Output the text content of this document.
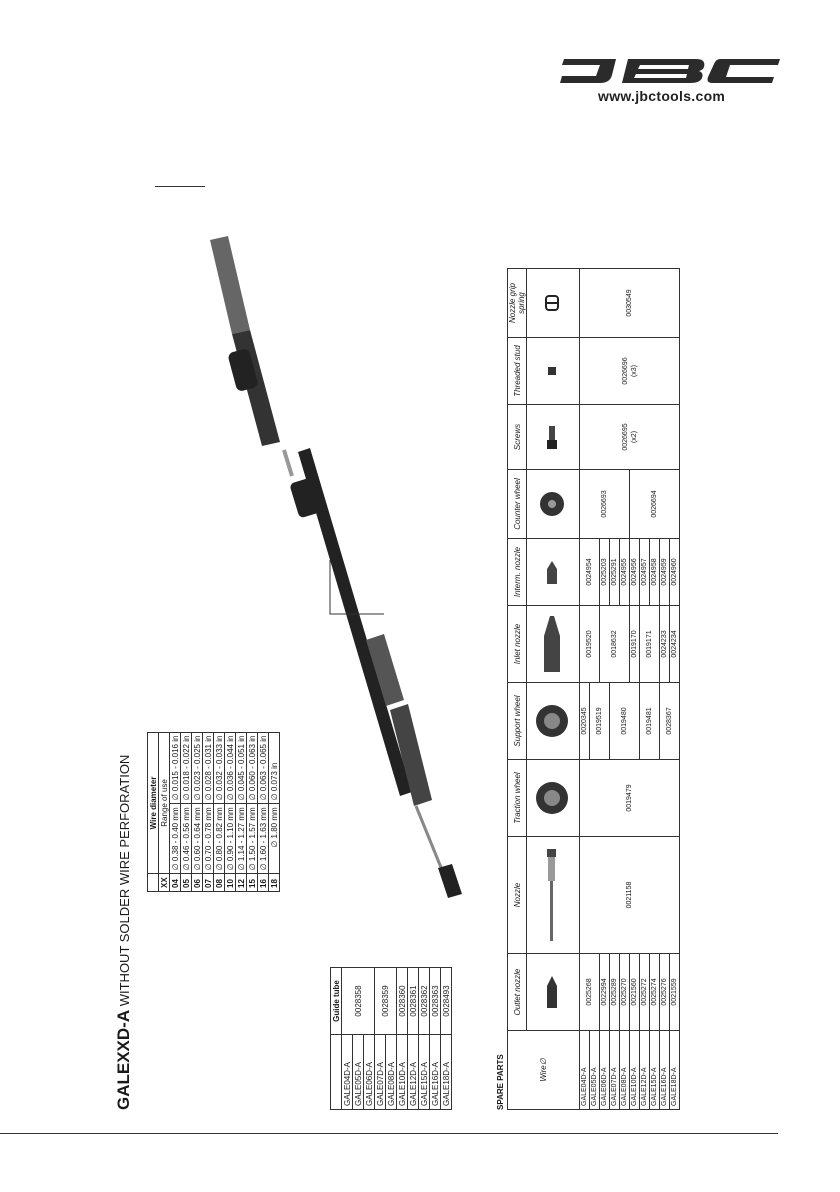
www.jbctools.com
GALEXXD-A WITHOUT SOLDER WIRE PERFORATION
	Wire diameter	
XX	Range of use	
04	∅ 0.38 - 0.40 mm	∅ 0.015 - 0.016 in
05	∅ 0.46 - 0.56 mm	∅ 0.018 - 0.022 in
06	∅ 0.60 - 0.64 mm	∅ 0.023 - 0.025 in
07	∅ 0.70 - 0.78 mm	∅ 0.028 - 0.031 in
08	∅ 0.80 - 0.82 mm	∅ 0.032 - 0.033 in
10	∅ 0.90 - 1.10 mm	∅ 0.036 - 0.044 in
12	∅ 1.14 - 1.27 mm	∅ 0.045 - 0.051 in
15	∅ 1.50 - 1.57 mm	∅ 0.060 - 0.063 in
16	∅ 1.60 - 1.63 mm	∅ 0.063 - 0.065 in
18	∅ 1.80 mm	∅ 0.073 in
	Guide tube
GALE04D-A	0028358
GALE05D-A	
GALE06D-A	
GALE07D-A	0028359
GALE08D-A	
GALE10D-A	0028360
GALE12D-A	0028361
GALE15D-A	0028362
GALE16D-A	0028363
GALE18D-A	0028493
SPARE PARTS	Wire∅	Outlet nozzle	Nozzle	Traction wheel	Support wheel	Inlet nozzle	Interm. nozzle	Counter wheel	Screws	Threaded stud	Nozzle grip spring

GALE04D-A	0025268	0021158	0019479	0020345	0019520	0024954	0026693	0026695 (x2)	0026696 (x3)	0030549
GALE05D-A				0019519						
GALE06D-A	0022994				0018632	0025203				
GALE07D-A	0025289			0019480		0025291				
GALE08D-A	0025270					0024955				
GALE10D-A	0021560				0019170	0024956	0026694			
GALE12D-A	0025272			0019481	0019171	0024957				
GALE15D-A	0025274					0024958				
GALE16D-A	0025276			0028367	0024233	0024959				
GALE18D-A	0021559				0024234	0024960				
